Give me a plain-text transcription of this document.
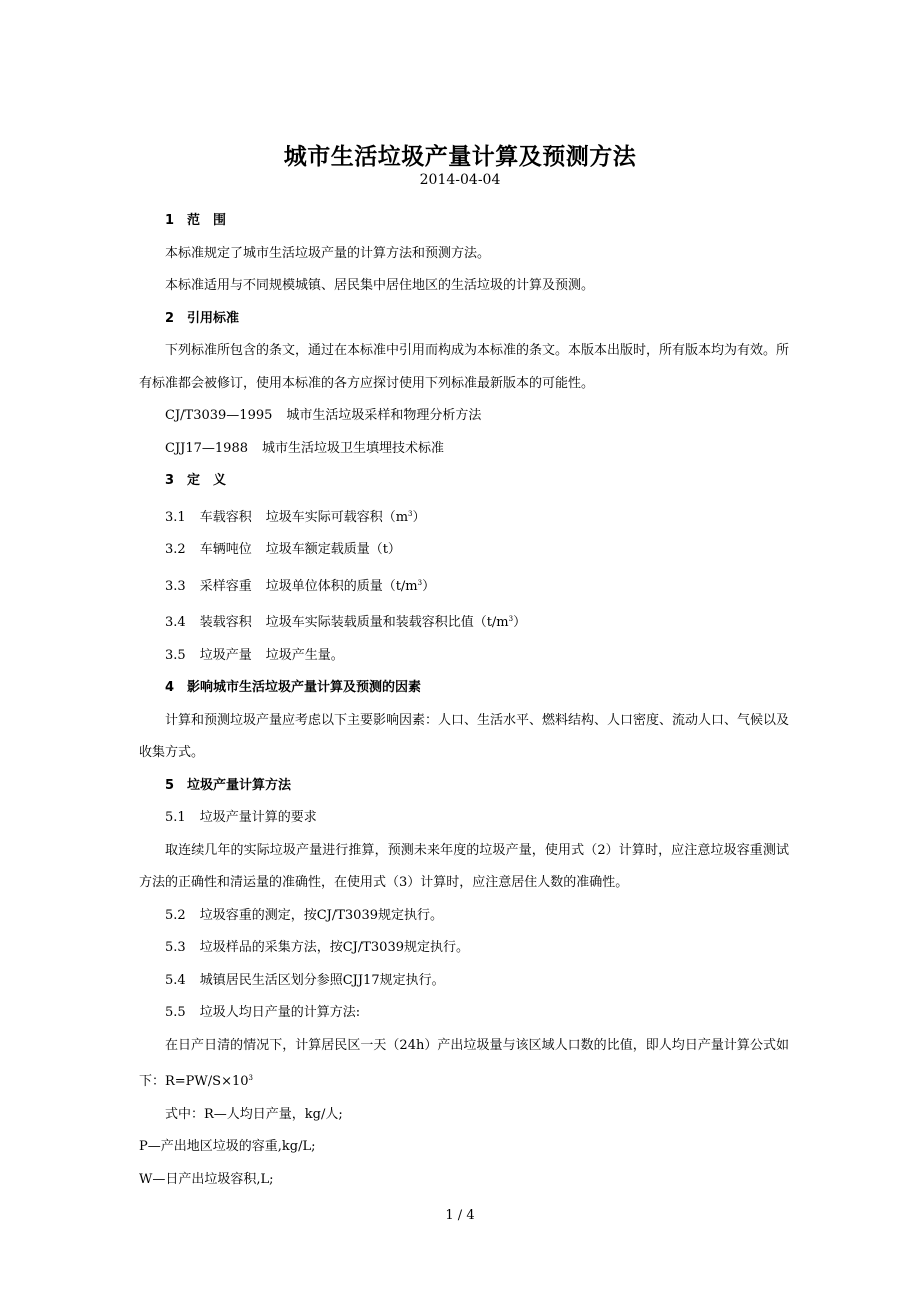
城市生活垃圾产量计算及预测方法
2014-04-04
1　范　围
本标准规定了城市生活垃圾产量的计算方法和预测方法。
本标准适用与不同规模城镇、居民集中居住地区的生活垃圾的计算及预测。
2　引用标准
下列标准所包含的条文，通过在本标准中引用而构成为本标准的条文。本版本出版时，所有版本均为有效。所有标准都会被修订，使用本标准的各方应探讨使用下列标准最新版本的可能性。
CJ/T3039—1995 城市生活垃圾采样和物理分析方法
CJJ17—1988 城市生活垃圾卫生填埋技术标准
3　定　义
3.1 车载容积 垃圾车实际可载容积$(m^3)$
3.2 车辆吨位 垃圾车额定载质量（t）
3.3 采样容重 垃圾单位体积的质量$(t/m^3)$
3.4 装载容积 垃圾车实际装载质量和装载容积比值$(t/m^3)$
3.5 垃圾产量 垃圾产生量。
4　影响城市生活垃圾产量计算及预测的因素
计算和预测垃圾产量应考虑以下主要影响因素：人口、生活水平、燃料结构、人口密度、流动人口、气候以及收集方式。
5　垃圾产量计算方法
5.1 垃圾产量计算的要求
取连续几年的实际垃圾产量进行推算，预测未来年度的垃圾产量，使用式（2）计算时，应注意垃圾容重测试方法的正确性和清运量的准确性，在使用式（3）计算时，应注意居住人数的准确性。
5.2 垃圾容重的测定，按CJ/T3039规定执行。
5.3 垃圾样品的采集方法，按CJ/T3039规定执行。
5.4 城镇居民生活区划分参照CJJ17规定执行。
5.5 垃圾人均日产量的计算方法:
在日产日清的情况下，计算居民区一天（24h）产出垃圾量与该区域人口数的比值，即人均日产量计算公式如下：$R=PW/S\times 10^3$
式中：R—人均日产量，kg/人;
P—产出地区垃圾的容重,kg/L;
W—日产出垃圾容积,L;
1 / 4
